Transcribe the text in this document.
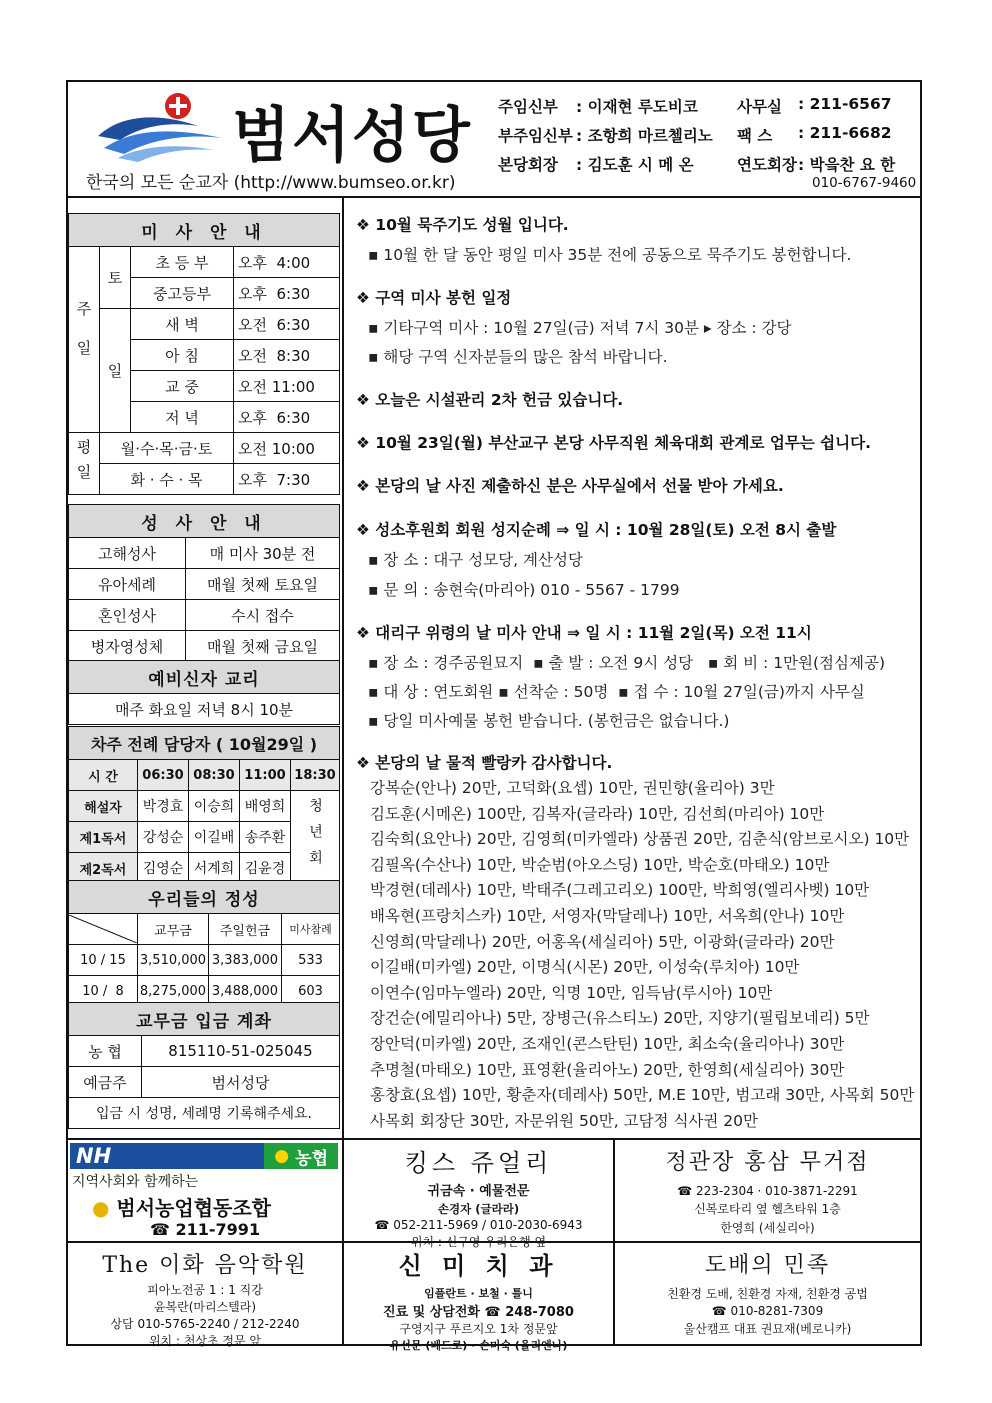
범서성당
한국의 모든 순교자 (http://www.bumseo.or.kr)
주임신부 : 이재현 루도비코
부주임신부 : 조항희 마르첼리노
본당회장 : 김도훈 시 메 온
사무실 : 211-6567
팩 스 : 211-6682
연도회장 : 박읔찬 요 한
010-6767-9460
미 사 안 내			

주일	토	초 등 부	오후  4:00
		중고등부	오후  6:30
	일	새 벽	오전  6:30
		아 침	오전  8:30
		교 중	오전 11:00
		저 녁	오후  6:30

평일	월·수·목·금·토		오전 10:00
	화 · 수 · 목		오후  7:30
성 사 안 내	
고해성사	매 미사 30분 전
유아세례	매월 첫째 토요일
혼인성사	수시 접수
병자영성체	매월 첫째 금요일
예비신자 교리
매주 화요일 저녁 8시 10분
차주 전례 담당자 ( 10월29일 )				
시 간	06:30	08:30	11:00	18:30
해설자	박경효	이승희	배영희	청년회

제1독서	강성순	이길배	송주환	
제2독서	김영순	서계희	김윤경	
우리들의 정성			

	교무금	주일헌금	미사참례
10 / 15	3,510,000	3,383,000	533
10 /  8	8,275,000	3,488,000	603
교무금 입금 계좌	
농 협	815110-51-025045
예금주	범서성당
입금 시 성명, 세례명 기록해주세요.	
❖ 10월 묵주기도 성월 입니다.
▪ 10월 한 달 동안 평일 미사 35분 전에 공동으로 묵주기도 봉헌합니다.
❖ 구역 미사 봉헌 일정
▪ 기타구역 미사 : 10월 27일(금) 저녁 7시 30분 ▸ 장소 : 강당
▪ 해당 구역 신자분들의 많은 참석 바랍니다.
❖ 오늘은 시설관리 2차 헌금 있습니다.
❖ 10월 23일(월) 부산교구 본당 사무직원 체육대회 관계로 업무는 쉽니다.
❖ 본당의 날 사진 제출하신 분은 사무실에서 선물 받아 가세요.
❖ 성소후원회 회원 성지순례 ⇒ 일 시 : 10월 28일(토) 오전 8시 출발
▪ 장 소 : 대구 성모당, 계산성당
▪ 문 의 : 송현숙(마리아) 010 - 5567 - 1799
❖ 대리구 위령의 날 미사 안내 ⇒ 일 시 : 11월 2일(목) 오전 11시
▪ 장 소 : 경주공원묘지  ▪ 출 발 : 오전 9시 성당   ▪ 회 비 : 1만원(점심제공)
▪ 대 상 : 연도회원 ▪ 선착순 : 50명  ▪ 접 수 : 10월 27일(금)까지 사무실
▪ 당일 미사예물 봉헌 받습니다. (봉헌금은 없습니다.)
❖ 본당의 날 물적 빨랑카 감사합니다.
강복순(안나) 20만, 고덕화(요셉) 10만, 권민향(율리아) 3만
김도훈(시메온) 100만, 김복자(글라라) 10만, 김선희(마리아) 10만
김숙희(요안나) 20만, 김영희(미카엘라) 상품권 20만, 김춘식(암브로시오) 10만
김필옥(수산나) 10만, 박순범(아오스딩) 10만, 박순호(마태오) 10만
박경현(데레사) 10만, 박태주(그레고리오) 100만, 박희영(엘리사벳) 10만
배옥현(프랑치스카) 10만, 서영자(막달레나) 10만, 서옥희(안나) 10만
신영희(막달레나) 20만, 어홍옥(세실리아) 5만, 이광화(글라라) 20만
이길배(미카엘) 20만, 이명식(시몬) 20만, 이성숙(루치아) 10만
이연수(임마누엘라) 20만, 익명 10만, 임득남(루시아) 10만
장건순(에밀리아나) 5만, 장병근(유스티노) 20만, 지양기(필립보네리) 5만
장안덕(미카엘) 20만, 조재인(콘스탄틴) 10만, 최소숙(율리아나) 30만
추명철(마태오) 10만, 표영환(율리아노) 20만, 한영희(세실리아) 30만
홍창효(요셉) 10만, 황춘자(데레사) 50만, M.E 10만, 범고래 30만, 사목회 50만
사목회 회장단 30만, 자문위원 50만, 고담정 식사권 20만
NH	● 농협
지역사회와 함께하는
● 범서농업협동조합
☎ 211-7991
킹스 쥬얼리
귀금속 · 예물전문
손경자 (글라라)
☎ 052-211-5969 / 010-2030-6943
위치 : 신구영 우리은행 옆
정관장 홍삼 무거점
☎ 223-2304 · 010-3871-2291
신복로타리 옆 헬츠타워 1층
한영희 (세실리아)
The 이화 음악학원
피아노전공 1 : 1 직강
윤복란(마리스텔라)
상담 010-5765-2240 / 212-2240
위치 : 천상초 정문 앞
신 미 치 과
임플란트 · 보철 · 틀니
진료 및 상담전화 ☎ 248-7080
구영지구 푸르지오 1차 정문앞
유선문 (베드로) · 손미숙 (율리엔나)
도배의 민족
친환경 도배, 친환경 자재, 친환경 공법
☎ 010-8281-7309
울산캠프 대표 권묘재(베로니카)
